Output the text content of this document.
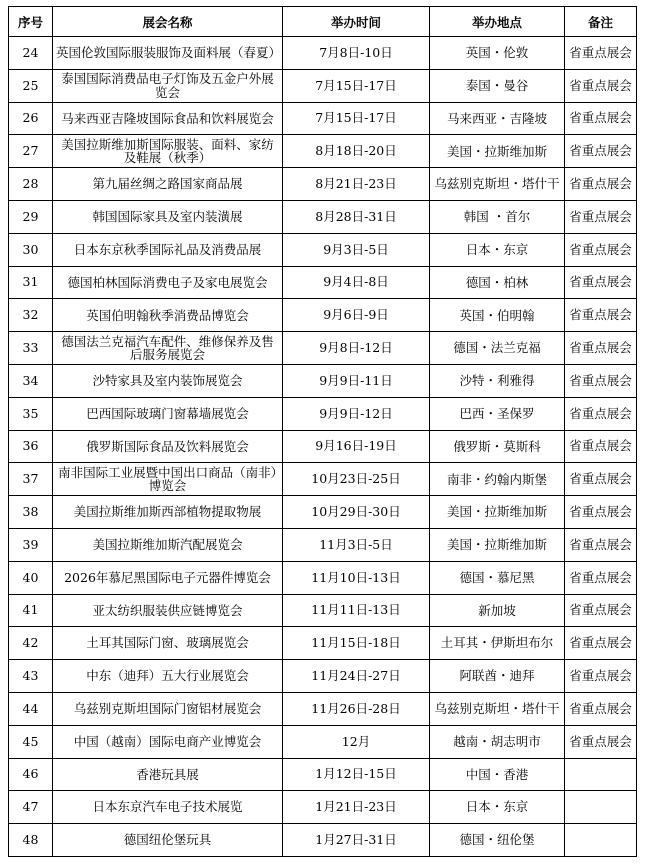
序号	展会名称	举办时间	举办地点	备注
24	英国伦敦国际服装服饰及面料展（春夏）	7月8日-10日	英国・伦敦	省重点展会
25	泰国国际消费品电子灯饰及五金户外展览会	7月15日-17日	泰国・曼谷	省重点展会
26	马来西亚吉隆坡国际食品和饮料展览会	7月15日-17日	马来西亚・吉隆坡	省重点展会
27	美国拉斯维加斯国际服装、面料、家纺及鞋展（秋季）	8月18日-20日	美国・拉斯维加斯	省重点展会
28	第九届丝绸之路国家商品展	8月21日-23日	乌兹别克斯坦・塔什干	省重点展会
29	韩国国际家具及室内装潢展	8月28日-31日	韩国 ・首尔	省重点展会
30	日本东京秋季国际礼品及消费品展	9月3日-5日	日本・东京	省重点展会
31	德国柏林国际消费电子及家电展览会	9月4日-8日	德国・柏林	省重点展会
32	英国伯明翰秋季消费品博览会	9月6日-9日	英国・伯明翰	省重点展会
33	德国法兰克福汽车配件、维修保养及售后服务展览会	9月8日-12日	德国・法兰克福	省重点展会
34	沙特家具及室内装饰展览会	9月9日-11日	沙特・利雅得	省重点展会
35	巴西国际玻璃门窗幕墙展览会	9月9日-12日	巴西・圣保罗	省重点展会
36	俄罗斯国际食品及饮料展览会	9月16日-19日	俄罗斯・莫斯科	省重点展会
37	南非国际工业展暨中国出口商品（南非）博览会	10月23日-25日	南非・约翰内斯堡	省重点展会
38	美国拉斯维加斯西部植物提取物展	10月29日-30日	美国・拉斯维加斯	省重点展会
39	美国拉斯维加斯汽配展览会	11月3日-5日	美国・拉斯维加斯	省重点展会
40	2026年慕尼黑国际电子元器件博览会	11月10日-13日	德国・慕尼黑	省重点展会
41	亚太纺织服装供应链博览会	11月11日-13日	新加坡	省重点展会
42	土耳其国际门窗、玻璃展览会	11月15日-18日	土耳其・伊斯坦布尔	省重点展会
43	中东（迪拜）五大行业展览会	11月24日-27日	阿联酋・迪拜	省重点展会
44	乌兹别克斯坦国际门窗铝材展览会	11月26日-28日	乌兹别克斯坦・塔什干	省重点展会
45	中国（越南）国际电商产业博览会	12月	越南・胡志明市	省重点展会
46	香港玩具展	1月12日-15日	中国・香港	
47	日本东京汽车电子技术展览	1月21日-23日	日本・东京	
48	德国纽伦堡玩具	1月27日-31日	德国・纽伦堡	
